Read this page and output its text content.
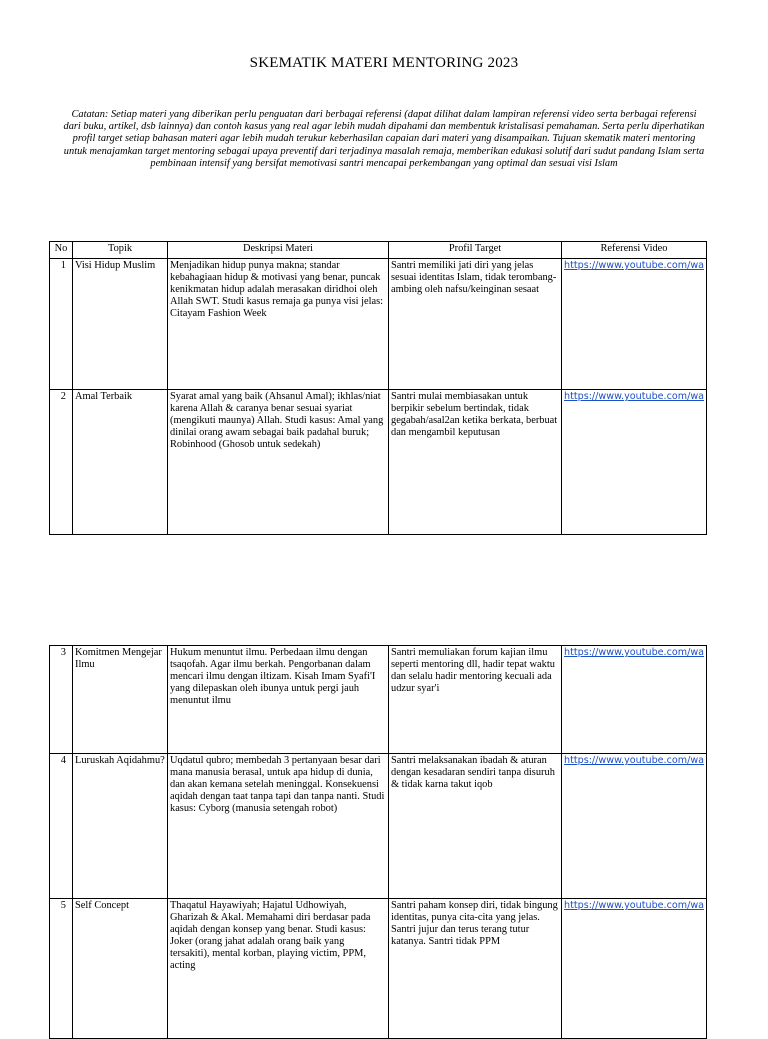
SKEMATIK MATERI MENTORING 2023
Catatan: Setiap materi yang diberikan perlu penguatan dari berbagai referensi (dapat dilihat dalam lampiran referensi video serta berbagai referensi dari buku, artikel, dsb lainnya) dan contoh kasus yang real agar lebih mudah dipahami dan membentuk kristalisasi pemahaman. Serta perlu diperhatikan profil target setiap bahasan materi agar lebih mudah terukur keberhasilan capaian dari materi yang disampaikan. Tujuan skematik materi mentoring untuk menajamkan target mentoring sebagai upaya preventif dari terjadinya masalah remaja, memberikan edukasi solutif dari sudut pandang Islam serta pembinaan intensif yang bersifat memotivasi santri mencapai perkembangan yang optimal dan sesuai visi Islam
No	Topik	Deskripsi Materi	Profil Target	Referensi Video
1	Visi Hidup Muslim	Menjadikan hidup punya makna; standar kebahagiaan hidup & motivasi yang benar, puncak kenikmatan hidup adalah merasakan diridhoi oleh Allah SWT. Studi kasus remaja ga punya visi jelas: Citayam Fashion Week	Santri memiliki jati diri yang jelas sesuai identitas Islam, tidak terombang-ambing oleh nafsu/keinginan sesaat	https://www.youtube.com/wa
2	Amal Terbaik	Syarat amal yang baik (Ahsanul Amal); ikhlas/niat karena Allah & caranya benar sesuai syariat (mengikuti maunya) Allah. Studi kasus: Amal yang dinilai orang awam sebagai baik padahal buruk; Robinhood (Ghosob untuk sedekah)	Santri mulai membiasakan untuk berpikir sebelum bertindak, tidak gegabah/asal2an ketika berkata, berbuat dan mengambil keputusan	https://www.youtube.com/wa
3	Komitmen Mengejar Ilmu	Hukum menuntut ilmu. Perbedaan ilmu dengan tsaqofah. Agar ilmu berkah. Pengorbanan dalam mencari ilmu dengan iltizam. Kisah Imam Syafi'I yang dilepaskan oleh ibunya untuk pergi jauh menuntut ilmu	Santri memuliakan forum kajian ilmu seperti mentoring dll, hadir tepat waktu dan selalu hadir mentoring kecuali ada udzur syar'i	https://www.youtube.com/wa
4	Luruskah Aqidahmu?	Uqdatul qubro; membedah 3 pertanyaan besar dari mana manusia berasal, untuk apa hidup di dunia, dan akan kemana setelah meninggal. Konsekuensi aqidah dengan taat tanpa tapi dan tanpa nanti. Studi kasus: Cyborg (manusia setengah robot)	Santri melaksanakan ibadah & aturan dengan kesadaran sendiri tanpa disuruh & tidak karna takut iqob	https://www.youtube.com/wa
5	Self Concept	Thaqatul Hayawiyah; Hajatul Udhowiyah, Gharizah & Akal. Memahami diri berdasar pada aqidah dengan konsep yang benar. Studi kasus: Joker (orang jahat adalah orang baik yang tersakiti), mental korban, playing victim, PPM, acting	Santri paham konsep diri, tidak bingung identitas, punya cita-cita yang jelas. Santri jujur dan terus terang tutur katanya. Santri tidak PPM	https://www.youtube.com/wa
